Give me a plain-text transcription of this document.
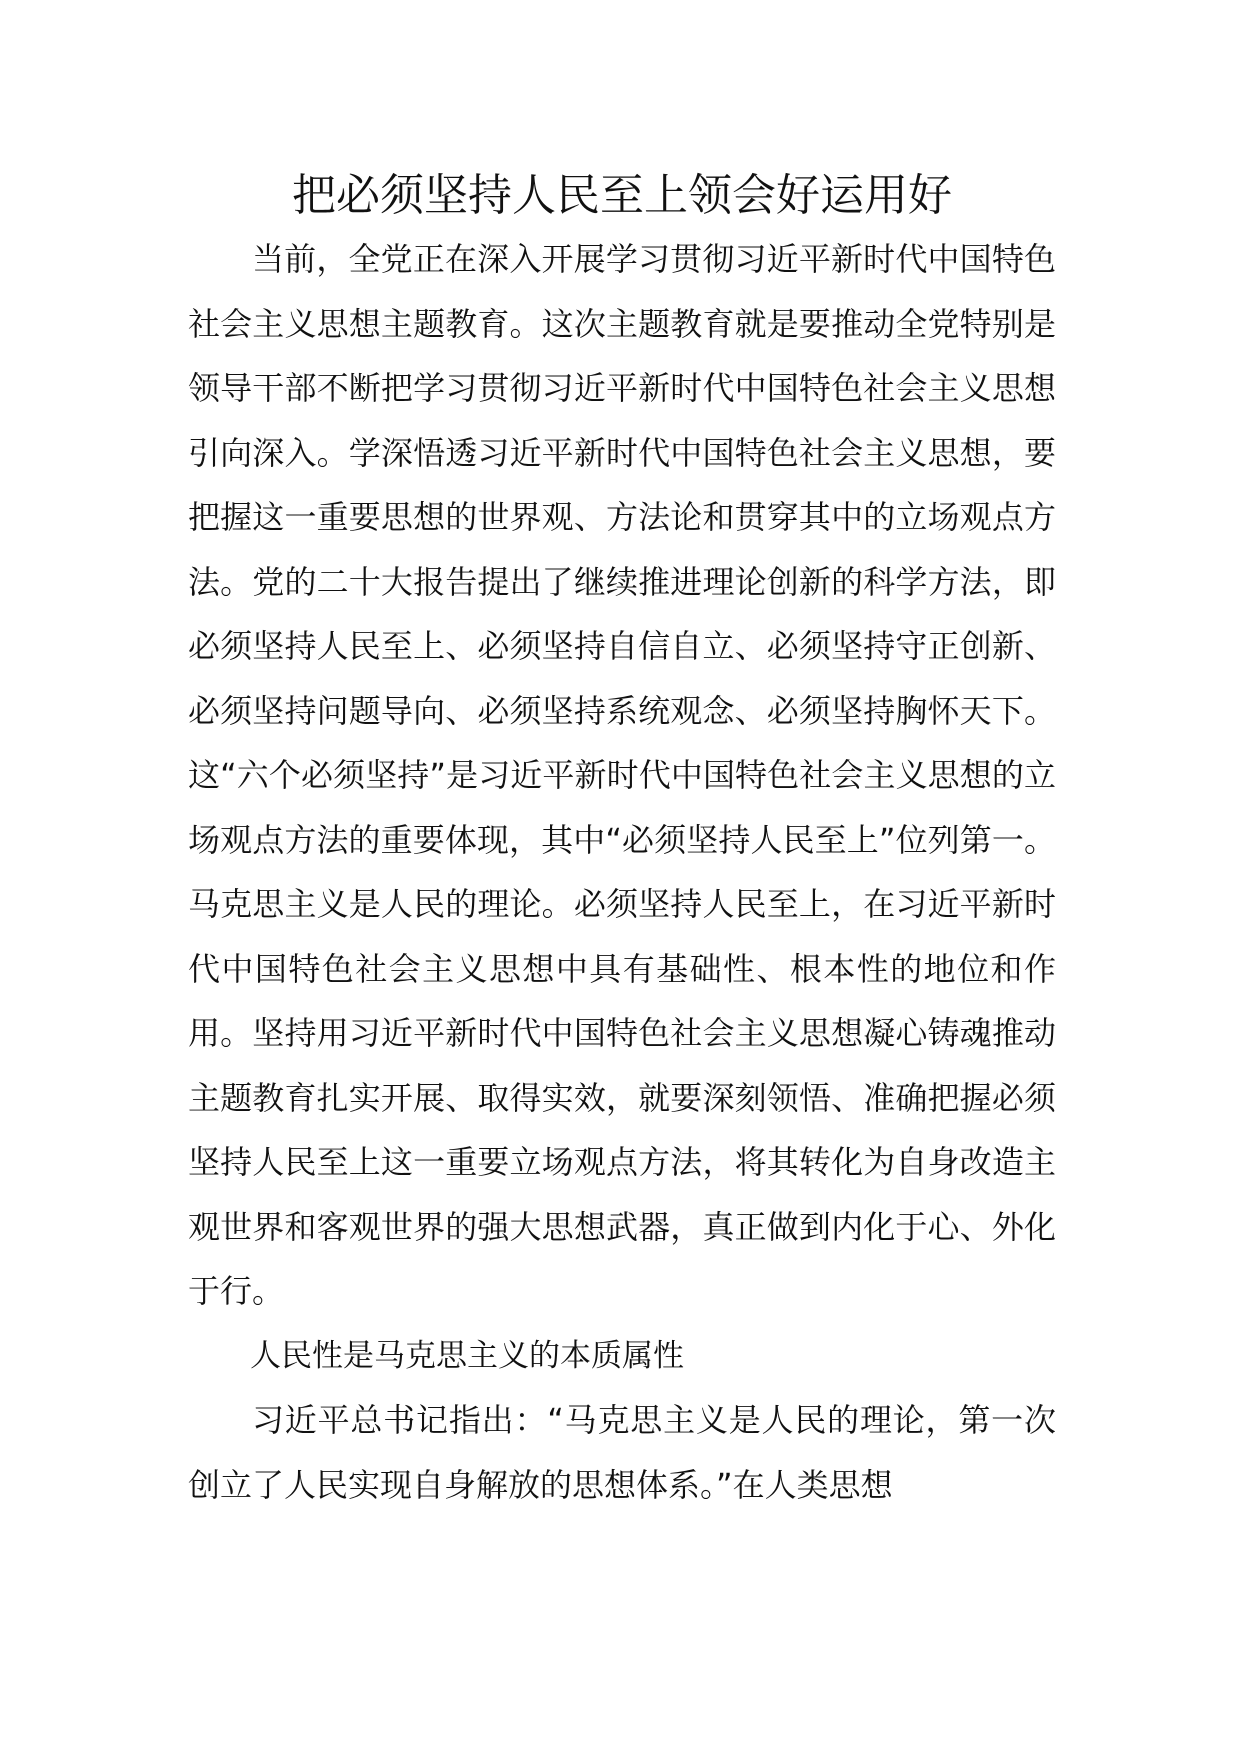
把必须坚持人民至上领会好运用好

当前，全党正在深入开展学习贯彻习近平新时代中国特色社会主义思想主题教育。这次主题教育就是要推动全党特别是领导干部不断把学习贯彻习近平新时代中国特色社会主义思想引向深入。学深悟透习近平新时代中国特色社会主义思想，要把握这一重要思想的世界观、方法论和贯穿其中的立场观点方法。党的二十大报告提出了继续推进理论创新的科学方法，即必须坚持人民至上、必须坚持自信自立、必须坚持守正创新、必须坚持问题导向、必须坚持系统观念、必须坚持胸怀天下。这“六个必须坚持”是习近平新时代中国特色社会主义思想的立场观点方法的重要体现，其中“必须坚持人民至上”位列第一。马克思主义是人民的理论。必须坚持人民至上，在习近平新时代中国特色社会主义思想中具有基础性、根本性的地位和作用。坚持用习近平新时代中国特色社会主义思想凝心铸魂推动主题教育扎实开展、取得实效，就要深刻领悟、准确把握必须坚持人民至上这一重要立场观点方法，将其转化为自身改造主观世界和客观世界的强大思想武器，真正做到内化于心、外化于行。

人民性是马克思主义的本质属性

习近平总书记指出：“马克思主义是人民的理论，第一次创立了人民实现自身解放的思想体系。”在人类思想
